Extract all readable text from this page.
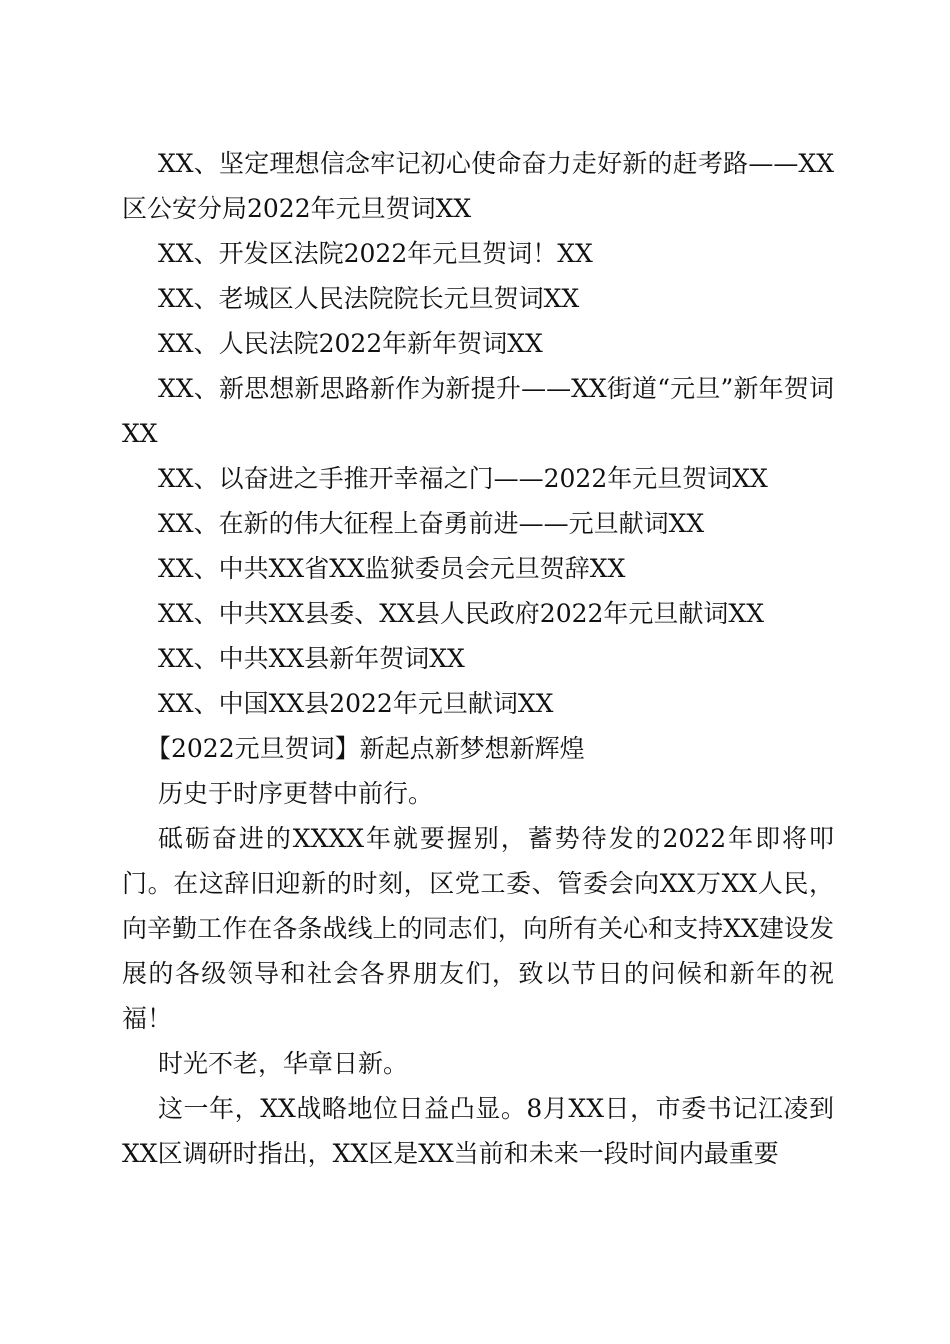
XX、坚定理想信念牢记初心使命奋力走好新的赶考路——XX区公安分局2022年元旦贺词XX

XX、开发区法院2022年元旦贺词！XX

XX、老城区人民法院院长元旦贺词XX

XX、人民法院2022年新年贺词XX

XX、新思想新思路新作为新提升——XX街道“元旦”新年贺词XX

XX、以奋进之手推开幸福之门——2022年元旦贺词XX

XX、在新的伟大征程上奋勇前进——元旦献词XX

XX、中共XX省XX监狱委员会元旦贺辞XX

XX、中共XX县委、XX县人民政府2022年元旦献词XX

XX、中共XX县新年贺词XX

XX、中国XX县2022年元旦献词XX

【2022元旦贺词】新起点新梦想新辉煌

历史于时序更替中前行。

砥砺奋进的XXXX年就要握别，蓄势待发的2022年即将叩门。在这辞旧迎新的时刻，区党工委、管委会向XX万XX人民，向辛勤工作在各条战线上的同志们，向所有关心和支持XX建设发展的各级领导和社会各界朋友们，致以节日的问候和新年的祝福！

时光不老，华章日新。

这一年，XX战略地位日益凸显。8月XX日，市委书记江凌到XX区调研时指出，XX区是XX当前和未来一段时间内最重要
